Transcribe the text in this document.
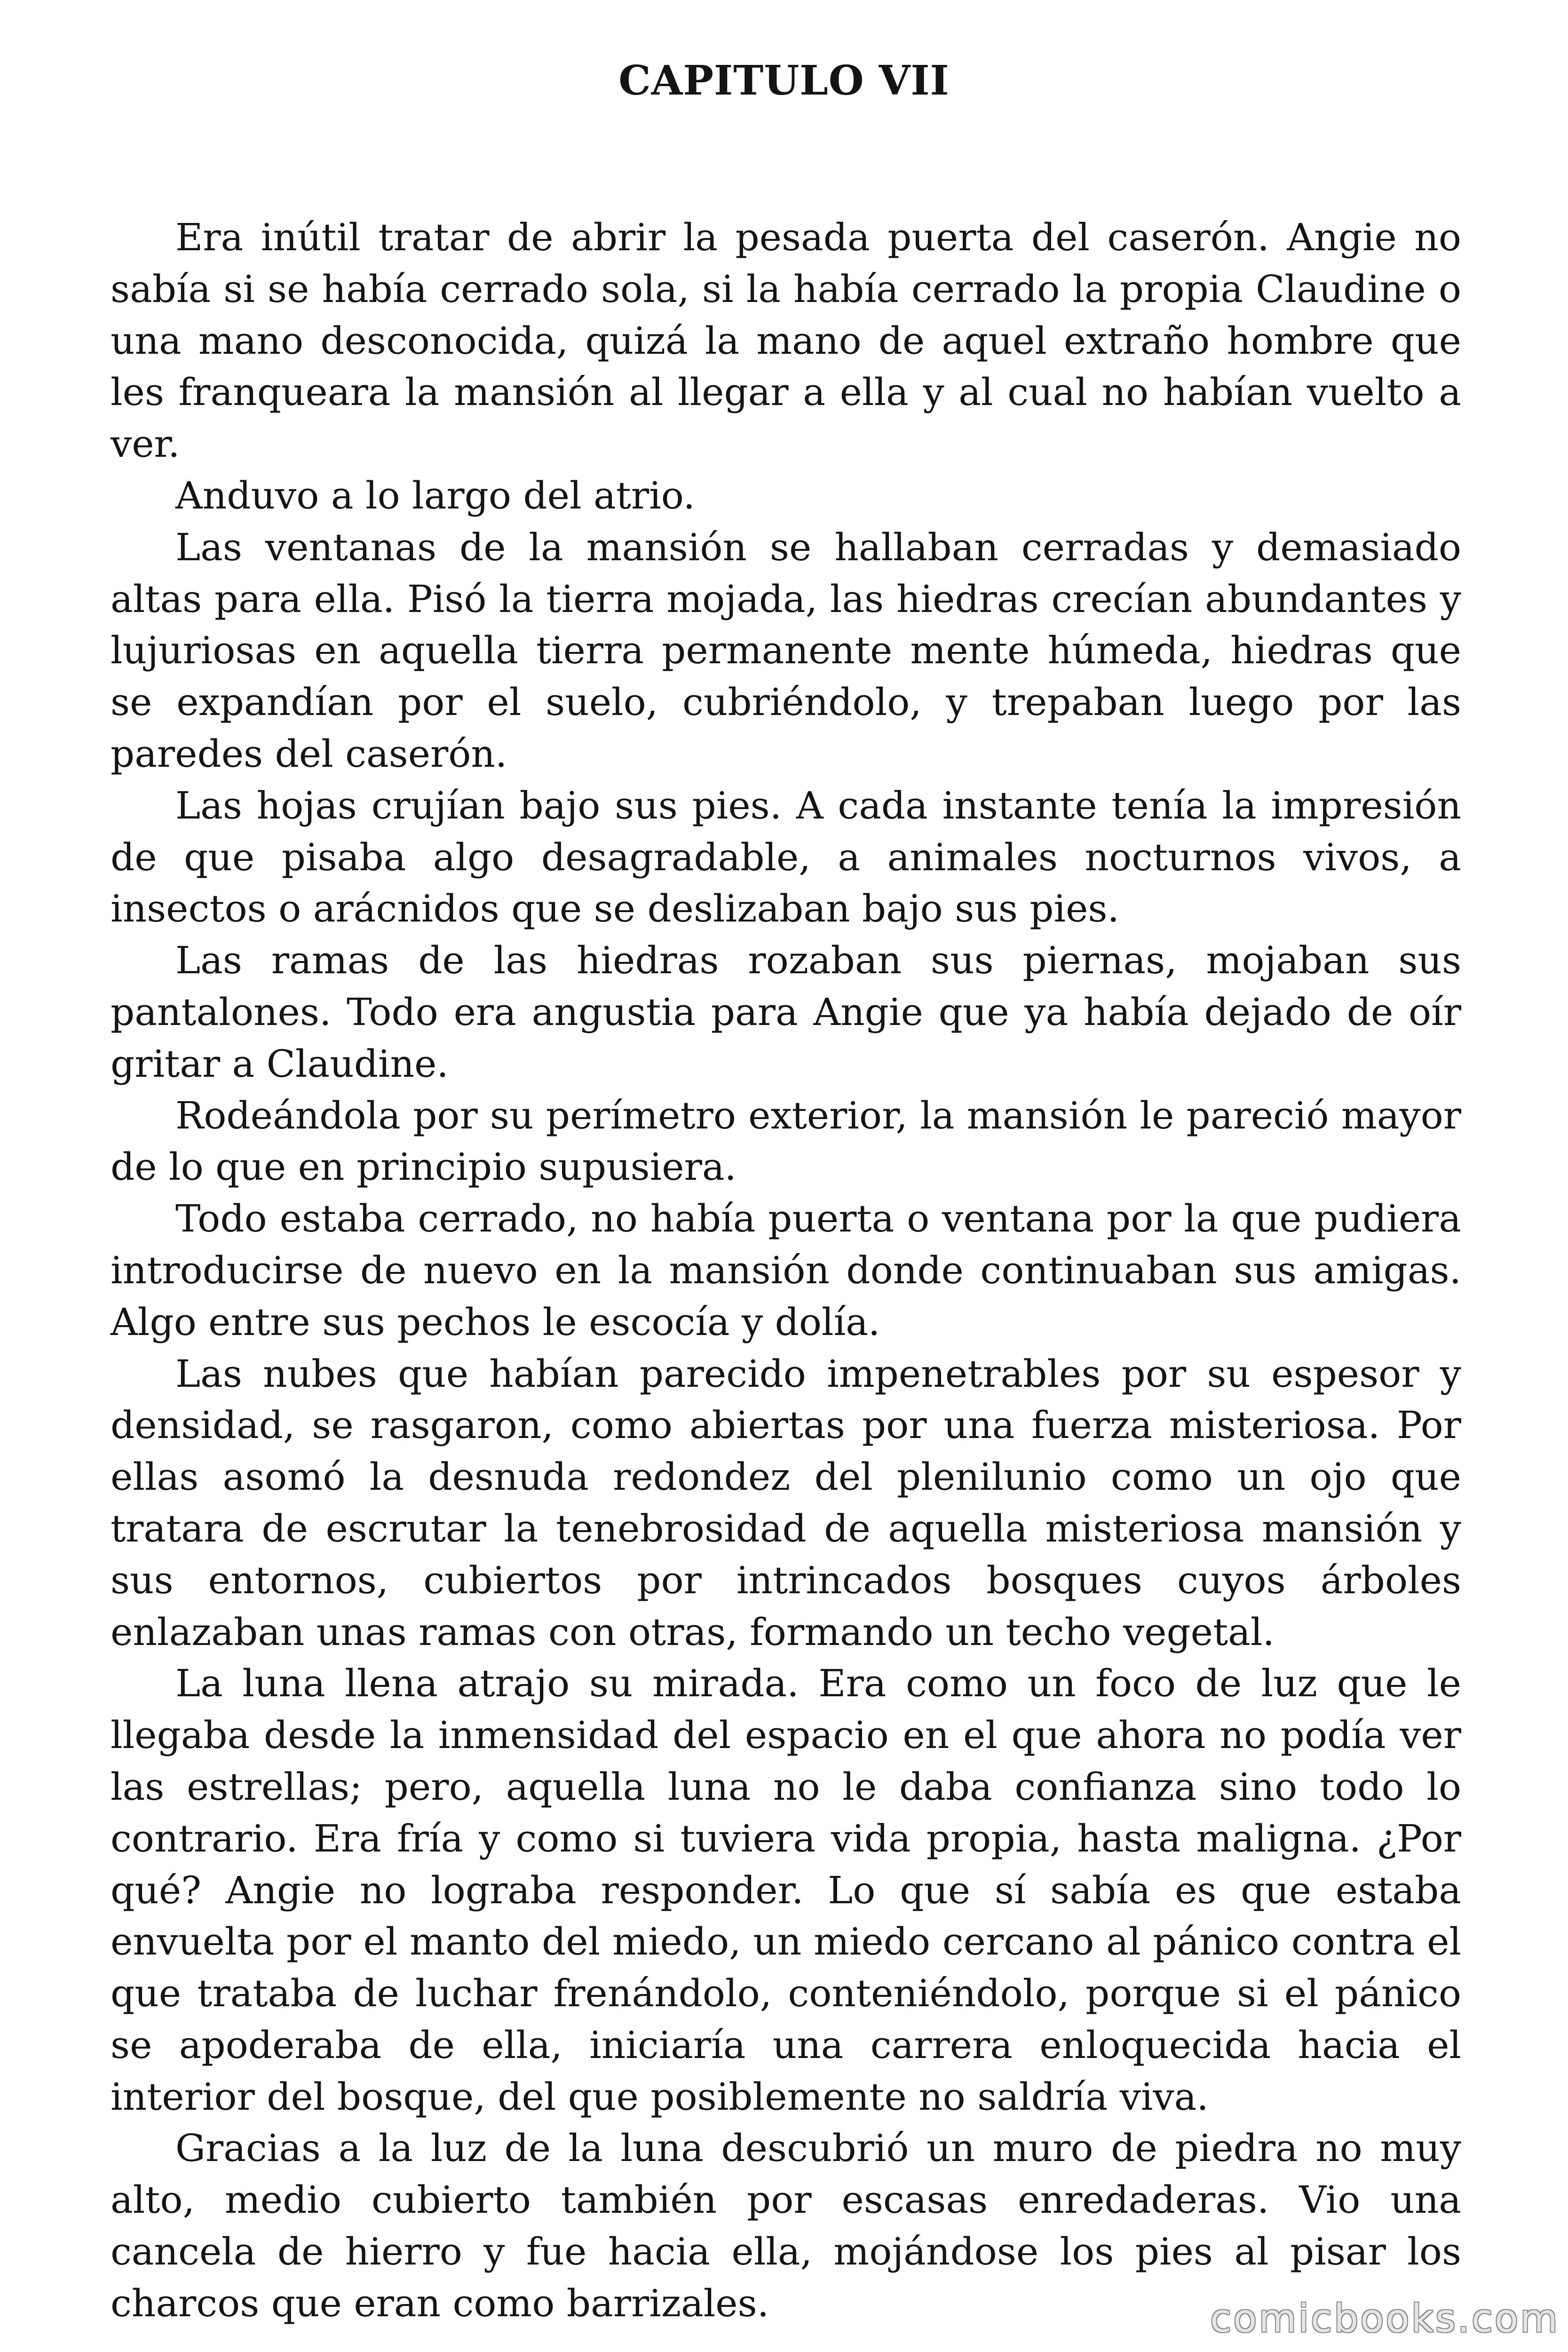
CAPITULO VII

Era inútil tratar de abrir la pesada puerta del caserón. Angie no sabía si se había cerrado sola, si la había cerrado la propia Claudine o una mano desconocida, quizá la mano de aquel extraño hombre que les franqueara la mansión al llegar a ella y al cual no habían vuelto a ver.

Anduvo a lo largo del atrio.

Las ventanas de la mansión se hallaban cerradas y demasiado altas para ella. Pisó la tierra mojada, las hiedras crecían abundantes y lujuriosas en aquella tierra permanente mente húmeda, hiedras que se expandían por el suelo, cubriéndolo, y trepaban luego por las paredes del caserón.

Las hojas crujían bajo sus pies. A cada instante tenía la impresión de que pisaba algo desagradable, a animales nocturnos vivos, a insectos o arácnidos que se deslizaban bajo sus pies.

Las ramas de las hiedras rozaban sus piernas, mojaban sus pantalones. Todo era angustia para Angie que ya había dejado de oír gritar a Claudine.

Rodeándola por su perímetro exterior, la mansión le pareció mayor de lo que en principio supusiera.

Todo estaba cerrado, no había puerta o ventana por la que pudiera introducirse de nuevo en la mansión donde continuaban sus amigas. Algo entre sus pechos le escocía y dolía.

Las nubes que habían parecido impenetrables por su espesor y densidad, se rasgaron, como abiertas por una fuerza misteriosa. Por ellas asomó la desnuda redondez del plenilunio como un ojo que tratara de escrutar la tenebrosidad de aquella misteriosa mansión y sus entornos, cubiertos por intrincados bosques cuyos árboles enlazaban unas ramas con otras, formando un techo vegetal.

La luna llena atrajo su mirada. Era como un foco de luz que le llegaba desde la inmensidad del espacio en el que ahora no podía ver las estrellas; pero, aquella luna no le daba confianza sino todo lo contrario. Era fría y como si tuviera vida propia, hasta maligna. ¿Por qué? Angie no lograba responder. Lo que sí sabía es que estaba envuelta por el manto del miedo, un miedo cercano al pánico contra el que trataba de luchar frenándolo, conteniéndolo, porque si el pánico se apoderaba de ella, iniciaría una carrera enloquecida hacia el interior del bosque, del que posiblemente no saldría viva.

Gracias a la luz de la luna descubrió un muro de piedra no muy alto, medio cubierto también por escasas enredaderas. Vio una cancela de hierro y fue hacia ella, mojándose los pies al pisar los charcos que eran como barrizales.	comicbooks.com
